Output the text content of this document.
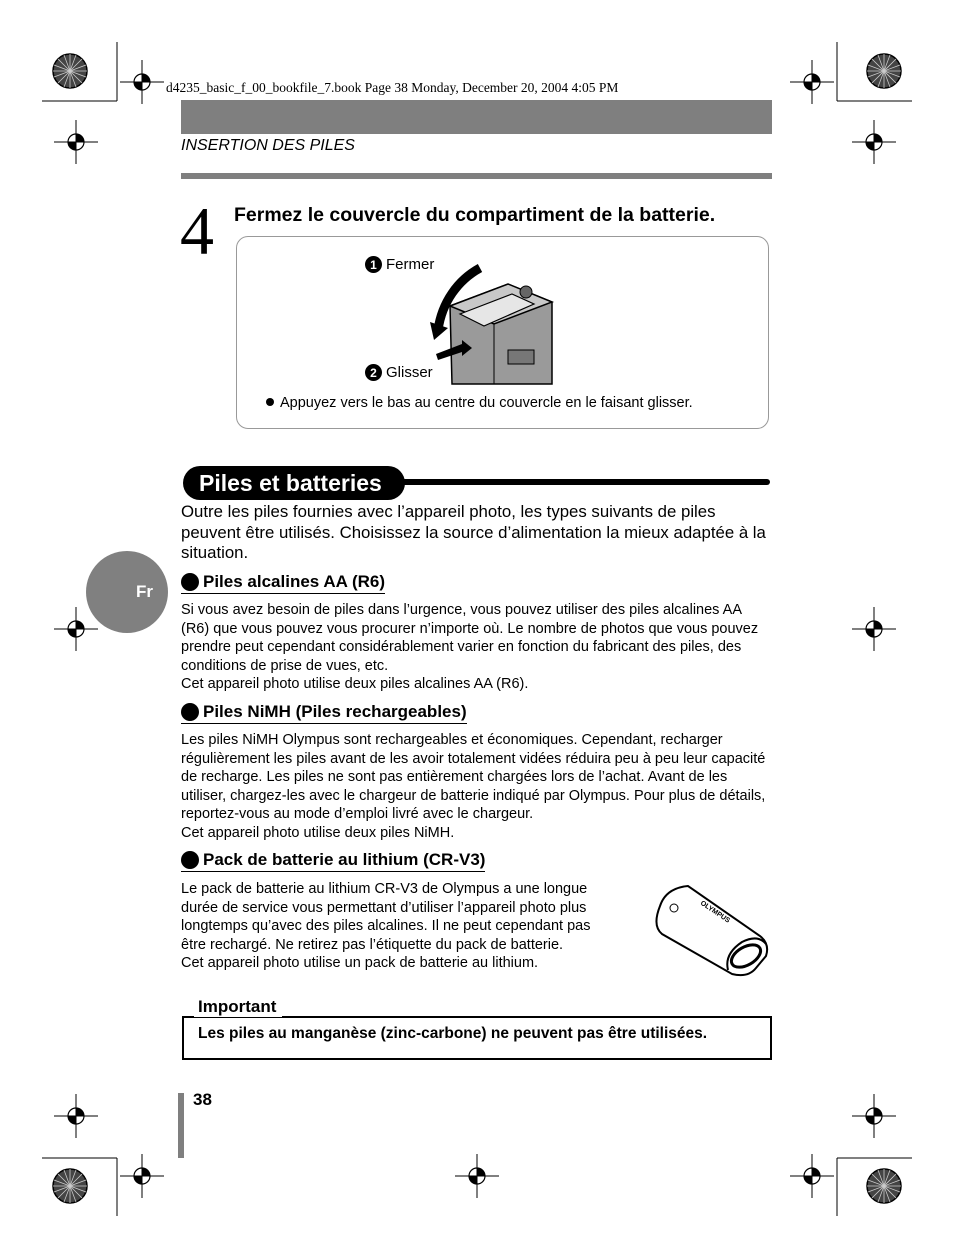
d4235_basic_f_00_bookfile_7.book Page 38 Monday, December 20, 2004 4:05 PM
INSERTION DES PILES
4 Fermez le couvercle du compartiment de la batterie.
1 Fermer
2 Glisser
Appuyez vers le bas au centre du couvercle en le faisant glisser.
Piles et batteries
Outre les piles fournies avec l’appareil photo, les types suivants de piles peuvent être utilisés. Choisissez la source d’alimentation la mieux adaptée à la situation.
Fr
Piles alcalines AA (R6)

Si vous avez besoin de piles dans l’urgence, vous pouvez utiliser des piles alcalines AA (R6) que vous pouvez vous procurer n’importe où. Le nombre de photos que vous pouvez prendre peut cependant considérablement varier en fonction du fabricant des piles, des conditions de prise de vues, etc.

Cet appareil photo utilise deux piles alcalines AA (R6).

Piles NiMH (Piles rechargeables)

Les piles NiMH Olympus sont rechargeables et économiques. Cependant, recharger régulièrement les piles avant de les avoir totalement vidées réduira peu à peu leur capacité de recharge. Les piles ne sont pas entièrement chargées lors de l’achat. Avant de les utiliser, chargez-les avec le chargeur de batterie indiqué par Olympus. Pour plus de détails, reportez-vous au mode d’emploi livré avec le chargeur.

Cet appareil photo utilise deux piles NiMH.

Pack de batterie au lithium (CR-V3)

Le pack de batterie au lithium CR-V3 de Olympus a une longue durée de service vous permettant d’utiliser l’appareil photo plus longtemps qu’avec des piles alcalines. Il ne peut cependant pas être rechargé. Ne retirez pas l’étiquette du pack de batterie.

Cet appareil photo utilise un pack de batterie au lithium.

OLYMPUS
Important
Les piles au manganèse (zinc-carbone) ne peuvent pas être utilisées.
38
